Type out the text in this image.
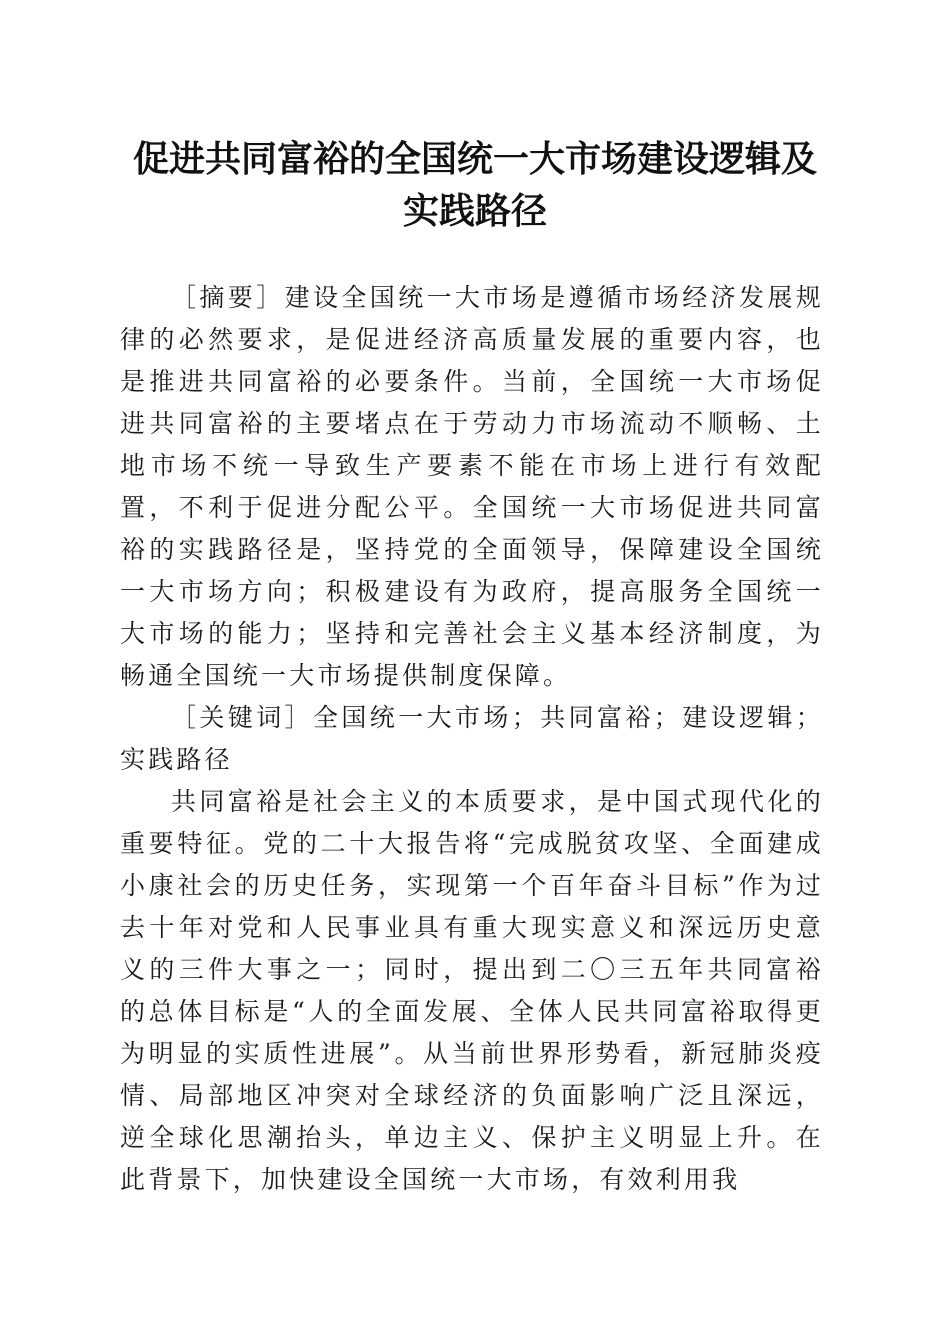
促进共同富裕的全国统一大市场建设逻辑及实践路径

［摘要］建设全国统一大市场是遵循市场经济发展规律的必然要求，是促进经济高质量发展的重要内容，也是推进共同富裕的必要条件。当前，全国统一大市场促进共同富裕的主要堵点在于劳动力市场流动不顺畅、土地市场不统一导致生产要素不能在市场上进行有效配置，不利于促进分配公平。全国统一大市场促进共同富裕的实践路径是，坚持党的全面领导，保障建设全国统一大市场方向；积极建设有为政府，提高服务全国统一大市场的能力；坚持和完善社会主义基本经济制度，为畅通全国统一大市场提供制度保障。

［关键词］全国统一大市场；共同富裕；建设逻辑；实践路径

共同富裕是社会主义的本质要求，是中国式现代化的重要特征。党的二十大报告将“完成脱贫攻坚、全面建成小康社会的历史任务，实现第一个百年奋斗目标”作为过去十年对党和人民事业具有重大现实意义和深远历史意义的三件大事之一；同时，提出到二〇三五年共同富裕的总体目标是“人的全面发展、全体人民共同富裕取得更为明显的实质性进展”。从当前世界形势看，新冠肺炎疫情、局部地区冲突对全球经济的负面影响广泛且深远，逆全球化思潮抬头，单边主义、保护主义明显上升。在此背景下，加快建设全国统一大市场，有效利用我
